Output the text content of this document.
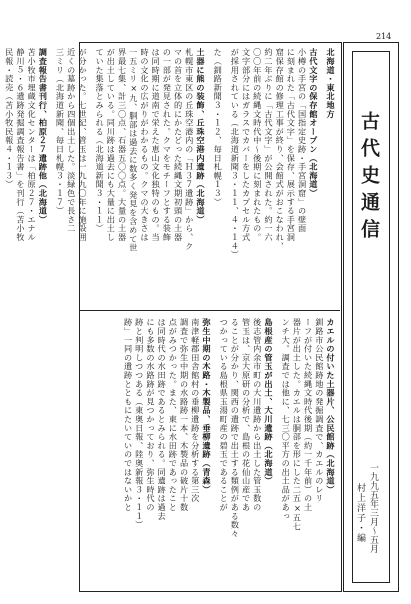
214
北海道・東北地方
古代文字の保存館オープン（北海道）
小樽の手宮の「国指定史跡・手宮洞窟」の壁面
に刻まれた「古代文字」を保存、展示する手宮洞
窟保存館の修理工事が終り、会館式がおこなわれ、
約二年ぶりに「古代文字」が公開された。約一六
〇〇年前の続縄文時代中〜後期に刻まれたもの。
文字部分にはガラスでカバーをしたカプセル方式
が採用されている（北海道新聞３・１１、４・１４）
た（釧路新聞３・１２、毎日札幌１３）
土器に熊の装飾、丘珠空港内遺跡（北海道）
札幌市東区の丘珠空港内の「Ｈ３７遺跡」から、ク
マの首を立体的にかたどった続縄文期初頭の土器
の一部が発見された。クマをモチーフとする装飾
は同時期に道南で栄えた恵山文化独特のもの。当
時の文化の広がりがわかるもの。クマの大きさは
一五ミリ×九、胴部は過去に数多く発見を含めて世
界最七集、計三〇点、石器五〇〇点。大量の土器
が出土している。同川跡は過去にも大量に出土し
ていた集落とみられる（北海道新聞３・１１）
が分かった。七世紀、管玉は一九九〇年に施設囲
近くの墓跡から四個出土した。淡緑色で長さ二
三ミリ（北海道新聞、毎日札幌３・１７）
調査報告書刊行、柏原２７遺跡他（北海道）
苫小牧市埋蔵文化センターは「柏原２７・エナル
静川５・６遺跡発掘調査報告書」を刊行（苫小牧
民報・読売（苫小牧民報４・１３）
カエルの付いた土器片、公民館跡（北海道）
釧路市公民館跡地の発掘調査で、カエルのレリ
ーフが付いた続縄文時代後期（約一千年前）の土
器片が出土した。カエルは胴部を形にした二五×五七
ンチ大。調査では他に、七三〇平方の出土品があっ
島根産の管玉が出土、大川遺跡（北海道）
後志管内余市町の大川遺跡から出土した管玉数の
管玉は、京大原研の分析で、島根の花仙山産であ
ることが分かり、関西の遺跡で出土する類例がある数々
つかっている島根県玉湯町産の碧玉であることが
弥生中期の木路・木製品、垂柳遺跡（青森）
南津軽郡田舎館村の垂柳遺跡を分析する第三次
調査で弥生中期の水路跡一本、木製品の破片十数
点がみつかった。また、東に水田跡であったこと
は同時代の水田跡であるとみられる。同遺跡は過去
にも多数の水路跡が見つかっており、弥生時代の
跡と判明しつつある（東奥日報、陸奥新報３・１１）
跡」一同の遺跡とともにたいていのではないかと
古代史通信
村上洋子・編 一九九五年三月〜五月
